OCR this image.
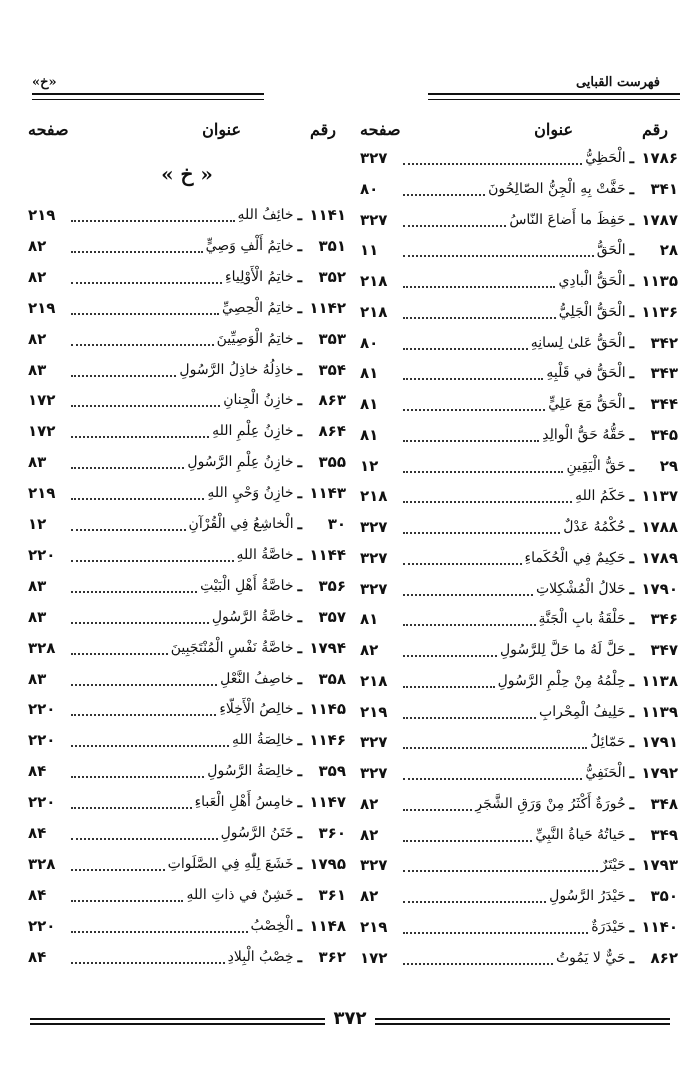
فهرست القبايى
«خ»
رقم
عنوان
صفحه
۱۷۸۶
ـ
الْحَظِيُّ
۳۲۷
۳۴۱
ـ
حَفَّتْ بِهِ الْجِنُّ الصّالِحُونَ
۸۰
۱۷۸۷
ـ
حَفِظَ ما أَضاعَ النّاسُ
۳۲۷
۲۸
ـ
الْحَقُّ
۱۱
۱۱۳۵
ـ
الْحَقُّ الْبادِي
۲۱۸
۱۱۳۶
ـ
الْحَقُّ الْجَلِيُّ
۲۱۸
۳۴۲
ـ
الْحَقُّ عَلىٰ لِسانِهِ
۸۰
۳۴۳
ـ
الْحَقُّ في قَلْبِهِ
۸۱
۳۴۴
ـ
الْحَقُّ مَعَ عَلِيٍّ
۸۱
۳۴۵
ـ
حَقُّهُ حَقُّ الْوالِدِ
۸۱
۲۹
ـ
حَقُّ الْيَقِينِ
۱۲
۱۱۳۷
ـ
حَكَمُ اللهِ
۲۱۸
۱۷۸۸
ـ
حُكْمُهُ عَدْلٌ
۳۲۷
۱۷۸۹
ـ
حَكِيمٌ فِي الْحُكَماءِ
۳۲۷
۱۷۹۰
ـ
حَلالُ الْمُشْكِلاتِ
۳۲۷
۳۴۶
ـ
حَلْقَةُ بابِ الْجَنَّةِ
۸۱
۳۴۷
ـ
حَلَّ لَهُ ما حَلَّ لِلرَّسُولِ
۸۲
۱۱۳۸
ـ
حِلْمُهُ مِنْ حِلْمِ الرَّسُولِ
۲۱۸
۱۱۳۹
ـ
حَلِيفُ الْمِحْرابِ
۲۱۹
۱۷۹۱
ـ
حَمّائِلُ
۳۲۷
۱۷۹۲
ـ
الْحَنَفِيُّ
۳۲۷
۳۴۸
ـ
حُورَةٌ أَكْثَرُ مِنْ وَرَقِ الشَّجَرِ
۸۲
۳۴۹
ـ
حَياتُهُ حَياةُ النَّبِيِّ
۸۲
۱۷۹۳
ـ
حَيْتَرٌ
۳۲۷
۳۵۰
ـ
حَيْدَرُ الرَّسُولِ
۸۲
۱۱۴۰
ـ
حَيْدَرَةٌ
۲۱۹
۸۶۲
ـ
حَيٌّ لا يَمُوتُ
۱۷۲
رقم
عنوان
صفحه
« خ »
۱۱۴۱
ـ
خائِفُ اللهِ
۲۱۹
۳۵۱
ـ
خاتِمُ أَلْفِ وَصِيٍّ
۸۲
۳۵۲
ـ
خاتِمُ الْأَوْلِياءِ
۸۲
۱۱۴۲
ـ
خاتِمُ الْحِصِيِّ
۲۱۹
۳۵۳
ـ
خاتِمُ الْوَصِيِّينَ
۸۲
۳۵۴
ـ
خاذِلُهُ خاذِلُ الرَّسُولِ
۸۳
۸۶۳
ـ
خازِنُ الْجِنانِ
۱۷۲
۸۶۴
ـ
خازِنُ عِلْمِ اللهِ
۱۷۲
۳۵۵
ـ
خازِنُ عِلْمِ الرَّسُولِ
۸۳
۱۱۴۳
ـ
خازِنُ وَحْيِ اللهِ
۲۱۹
۳۰
ـ
الْخاشِعُ فِي الْقُرْآنِ
۱۲
۱۱۴۴
ـ
خاصَّةُ اللهِ
۲۲۰
۳۵۶
ـ
خاصَّةُ أَهْلِ الْبَيْتِ
۸۳
۳۵۷
ـ
خاصَّةُ الرَّسُولِ
۸۳
۱۷۹۴
ـ
خاصَّةُ نَفْسِ الْمُنْتَجَبِينَ
۳۲۸
۳۵۸
ـ
خاصِفُ النَّعْلِ
۸۳
۱۱۴۵
ـ
خالِصُ الْأَخِلّاءِ
۲۲۰
۱۱۴۶
ـ
خالِصَةُ اللهِ
۲۲۰
۳۵۹
ـ
خالِصَةُ الرَّسُولِ
۸۴
۱۱۴۷
ـ
خامِسُ أَهْلِ الْعَباءِ
۲۲۰
۳۶۰
ـ
خَتَنُ الرَّسُولِ
۸۴
۱۷۹۵
ـ
خَشَعَ لِلّٰهِ فِي الصَّلَواتِ
۳۲۸
۳۶۱
ـ
خَشِنٌ في ذاتِ اللهِ
۸۴
۱۱۴۸
ـ
الْخِصْبُ
۲۲۰
۳۶۲
ـ
خِصْبُ الْبِلادِ
۸۴
۳۷۲
